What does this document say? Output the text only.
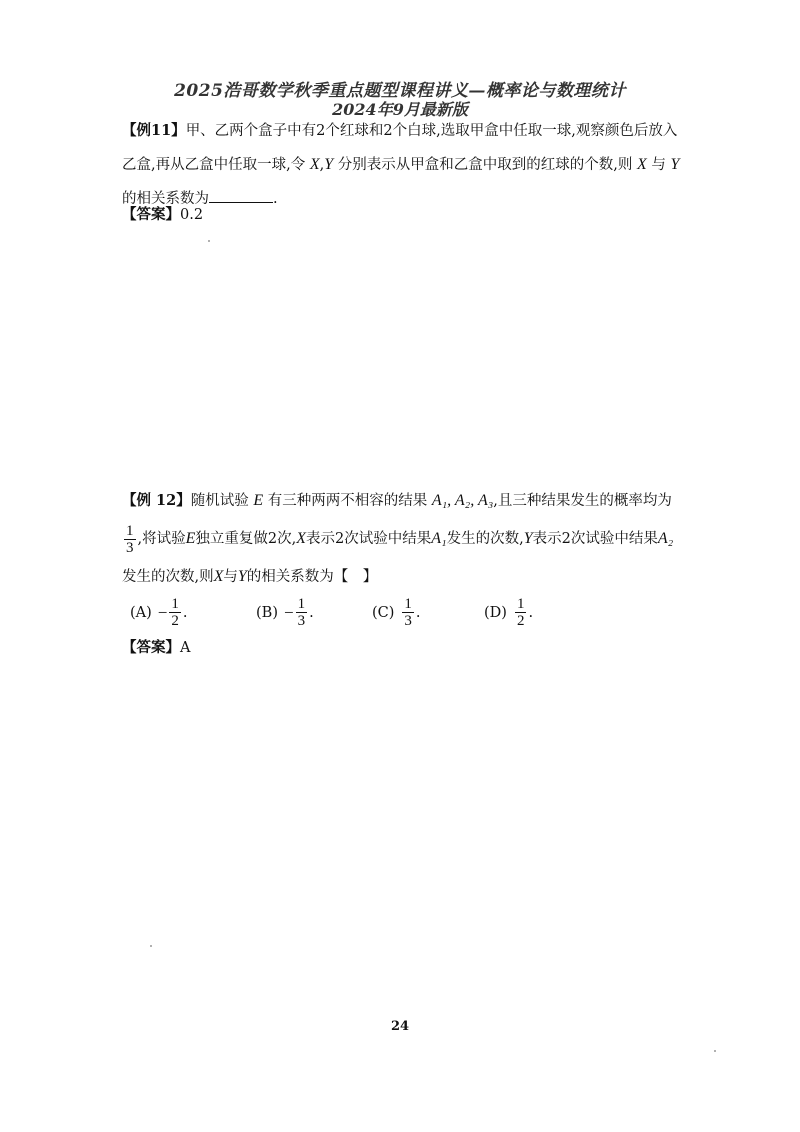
2025浩哥数学秋季重点题型课程讲义—概率论与数理统计
2024年9月最新版
【例11】甲、乙两个盒子中有2个红球和2个白球,选取甲盒中任取一球,观察颜色后放入乙盒,再从乙盒中任取一球,令 X,Y 分别表示从甲盒和乙盒中取到的红球的个数,则 X 与 Y 的相关系数为	.
【答案】0.2
【例 12】随机试验 E 有三种两两不相容的结果 A₁, A₂, A₃,且三种结果发生的概率均为
$\frac{1}{3}$ ,将试验E独立重复做2次,X表示2次试验中结果A₁发生的次数,Y表示2次试验中结果A₂发生的次数,则X与Y的相关系数为【　】
$(A) - \frac{1}{2}$ .	$(B) - \frac{1}{3}$ .	$(C) \frac{1}{3}$ .	$(D) \frac{1}{2}$ .
【答案】A
24
